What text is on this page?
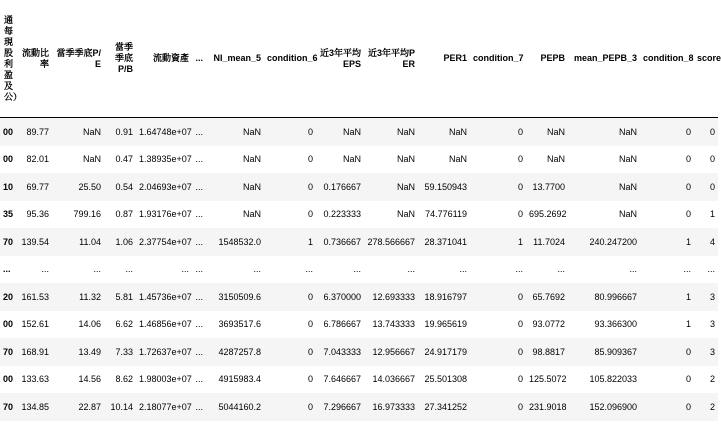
通每現股利盈及公）	流動比率	當季季底P/E	當季季底P/B	流動資產	...	NI_mean_5	condition_6	近3年平均EPS	近3年平均PER	PER1	condition_7	PEPB	mean_PEPB_3	condition_8	score
00	89.77	NaN	0.91	1.64748e+07	...	NaN	0	NaN	NaN	NaN	0	NaN	NaN	0	0
00	82.01	NaN	0.47	1.38935e+07	...	NaN	0	NaN	NaN	NaN	0	NaN	NaN	0	0
10	69.77	25.50	0.54	2.04693e+07	...	NaN	0	0.176667	NaN	59.150943	0	13.7700	NaN	0	0
35	95.36	799.16	0.87	1.93176e+07	...	NaN	0	0.223333	NaN	74.776119	0	695.2692	NaN	0	1
70	139.54	11.04	1.06	2.37754e+07	...	1548532.0	1	0.736667	278.566667	28.371041	1	11.7024	240.247200	1	4
...	...	...	...	...	...	...	...	...	...	...	...	...	...	...	...
20	161.53	11.32	5.81	1.45736e+07	...	3150509.6	0	6.370000	12.693333	18.916797	0	65.7692	80.996667	1	3
00	152.61	14.06	6.62	1.46856e+07	...	3693517.6	0	6.786667	13.743333	19.965619	0	93.0772	93.366300	1	3
70	168.91	13.49	7.33	1.72637e+07	...	4287257.8	0	7.043333	12.956667	24.917179	0	98.8817	85.909367	0	3
00	133.63	14.56	8.62	1.98003e+07	...	4915983.4	0	7.646667	14.036667	25.501308	0	125.5072	105.822033	0	2
70	134.85	22.87	10.14	2.18077e+07	...	5044160.2	0	7.296667	16.973333	27.341252	0	231.9018	152.096900	0	2
